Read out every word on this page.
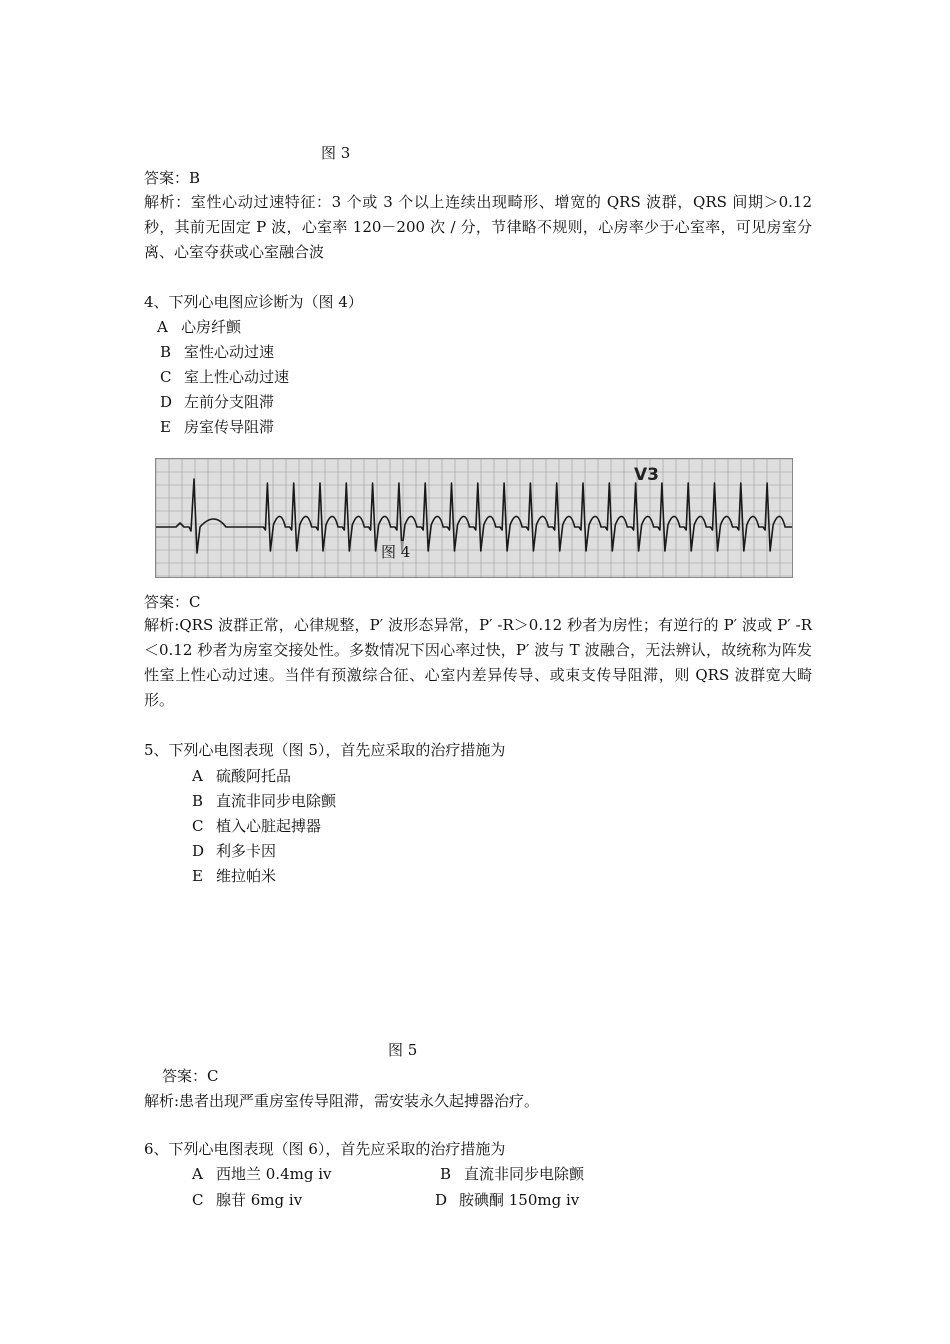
图 3
答案：B
解析：室性心动过速特征：3 个或 3 个以上连续出现畸形、增宽的 QRS 波群，QRS 间期＞0.12 秒，其前无固定 P 波，心室率 120－200 次 / 分，节律略不规则，心房率少于心室率，可见房室分离、心室夺获或心室融合波
4、下列心电图应诊断为（图 4）
A 心房纤颤
B 室性心动过速
C 室上性心动过速
D 左前分支阻滞
E 房室传导阻滞
V3
图 4
答案：C
解析:QRS 波群正常，心律规整，P′ 波形态异常，P′ -R＞0.12 秒者为房性；有逆行的 P′ 波或 P′ -R＜0.12 秒者为房室交接处性。多数情况下因心率过快，P′ 波与 T 波融合，无法辨认，故统称为阵发性室上性心动过速。当伴有预激综合征、心室内差异传导、或束支传导阻滞，则 QRS 波群宽大畸形。
5、下列心电图表现（图 5），首先应采取的治疗措施为
A 硫酸阿托品
B 直流非同步电除颤
C 植入心脏起搏器
D 利多卡因
E 维拉帕米
图 5
答案：C
解析:患者出现严重房室传导阻滞，需安装永久起搏器治疗。
6、下列心电图表现（图 6），首先应采取的治疗措施为
A 西地兰 0.4mg iv	B 直流非同步电除颤
C 腺苷 6mg iv	D 胺碘酮 150mg iv
